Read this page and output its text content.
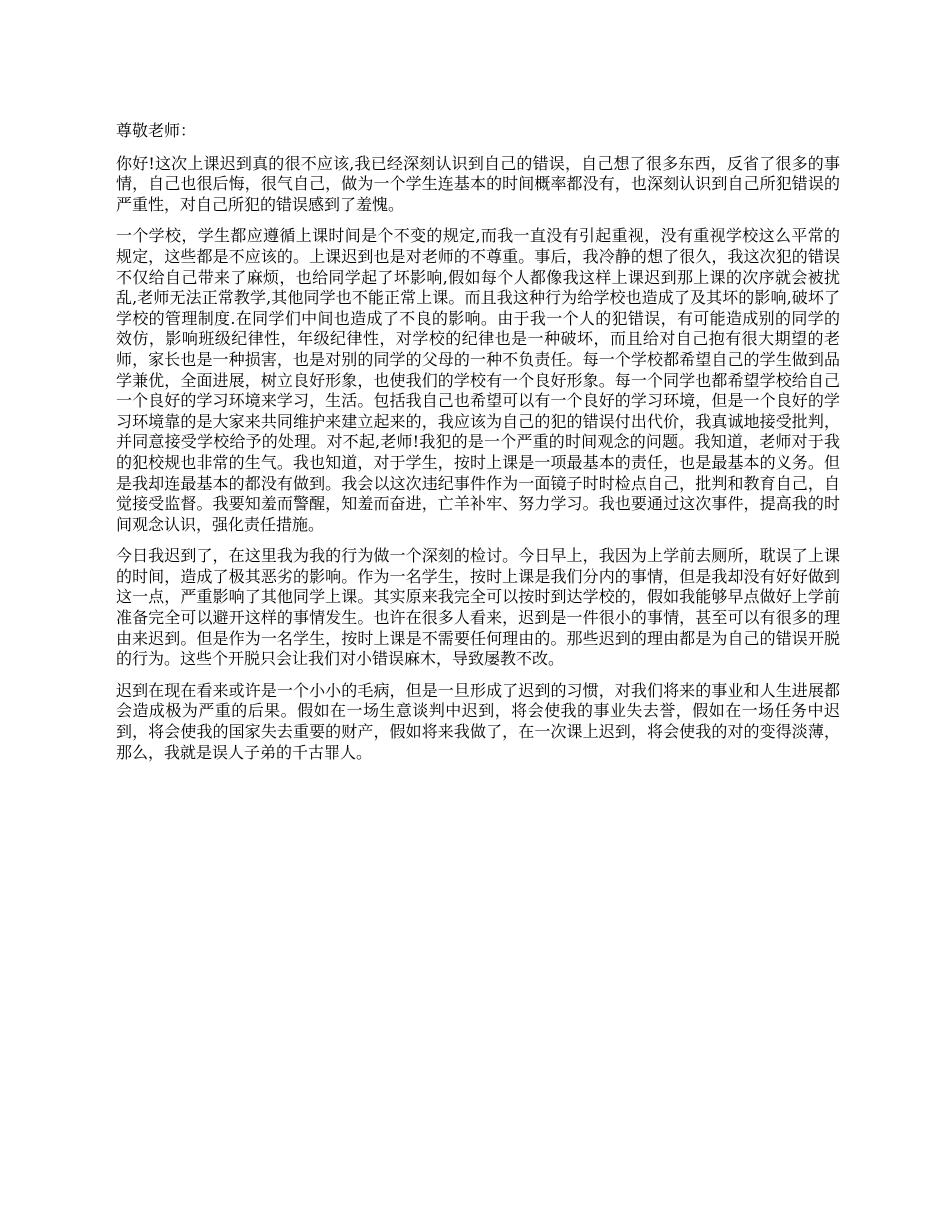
尊敬老师：

你好!这次上课迟到真的很不应该,我已经深刻认识到自己的错误，自己想了很多东西，反省了很多的事情，自己也很后悔，很气自己，做为一个学生连基本的时间概率都没有，也深刻认识到自己所犯错误的严重性，对自己所犯的错误感到了羞愧。

一个学校，学生都应遵循上课时间是个不变的规定,而我一直没有引起重视，没有重视学校这么平常的规定，这些都是不应该的。上课迟到也是对老师的不尊重。事后，我冷静的想了很久，我这次犯的错误不仅给自己带来了麻烦，也给同学起了坏影响,假如每个人都像我这样上课迟到那上课的次序就会被扰乱,老师无法正常教学,其他同学也不能正常上课。而且我这种行为给学校也造成了及其坏的影响,破坏了学校的管理制度.在同学们中间也造成了不良的影响。由于我一个人的犯错误，有可能造成别的同学的效仿，影响班级纪律性，年级纪律性，对学校的纪律也是一种破坏，而且给对自己抱有很大期望的老师，家长也是一种损害，也是对别的同学的父母的一种不负责任。每一个学校都希望自己的学生做到品学兼优，全面进展，树立良好形象，也使我们的学校有一个良好形象。每一个同学也都希望学校给自己一个良好的学习环境来学习，生活。包括我自己也希望可以有一个良好的学习环境，但是一个良好的学习环境靠的是大家来共同维护来建立起来的，我应该为自己的犯的错误付出代价，我真诚地接受批判，并同意接受学校给予的处理。对不起,老师!我犯的是一个严重的时间观念的问题。我知道，老师对于我的犯校规也非常的生气。我也知道，对于学生，按时上课是一项最基本的责任，也是最基本的义务。但是我却连最基本的都没有做到。我会以这次违纪事件作为一面镜子时时检点自己，批判和教育自己，自觉接受监督。我要知羞而警醒，知羞而奋进，亡羊补牢、努力学习。我也要通过这次事件，提高我的时间观念认识，强化责任措施。

今日我迟到了，在这里我为我的行为做一个深刻的检讨。今日早上，我因为上学前去厕所，耽误了上课的时间，造成了极其恶劣的影响。作为一名学生，按时上课是我们分内的事情，但是我却没有好好做到这一点，严重影响了其他同学上课。其实原来我完全可以按时到达学校的，假如我能够早点做好上学前准备完全可以避开这样的事情发生。也许在很多人看来，迟到是一件很小的事情，甚至可以有很多的理由来迟到。但是作为一名学生，按时上课是不需要任何理由的。那些迟到的理由都是为自己的错误开脱的行为。这些个开脱只会让我们对小错误麻木，导致屡教不改。

迟到在现在看来或许是一个小小的毛病，但是一旦形成了迟到的习惯，对我们将来的事业和人生进展都会造成极为严重的后果。假如在一场生意谈判中迟到，将会使我的事业失去誉，假如在一场任务中迟到，将会使我的国家失去重要的财产，假如将来我做了，在一次课上迟到，将会使我的对的变得淡薄，那么，我就是误人子弟的千古罪人。
